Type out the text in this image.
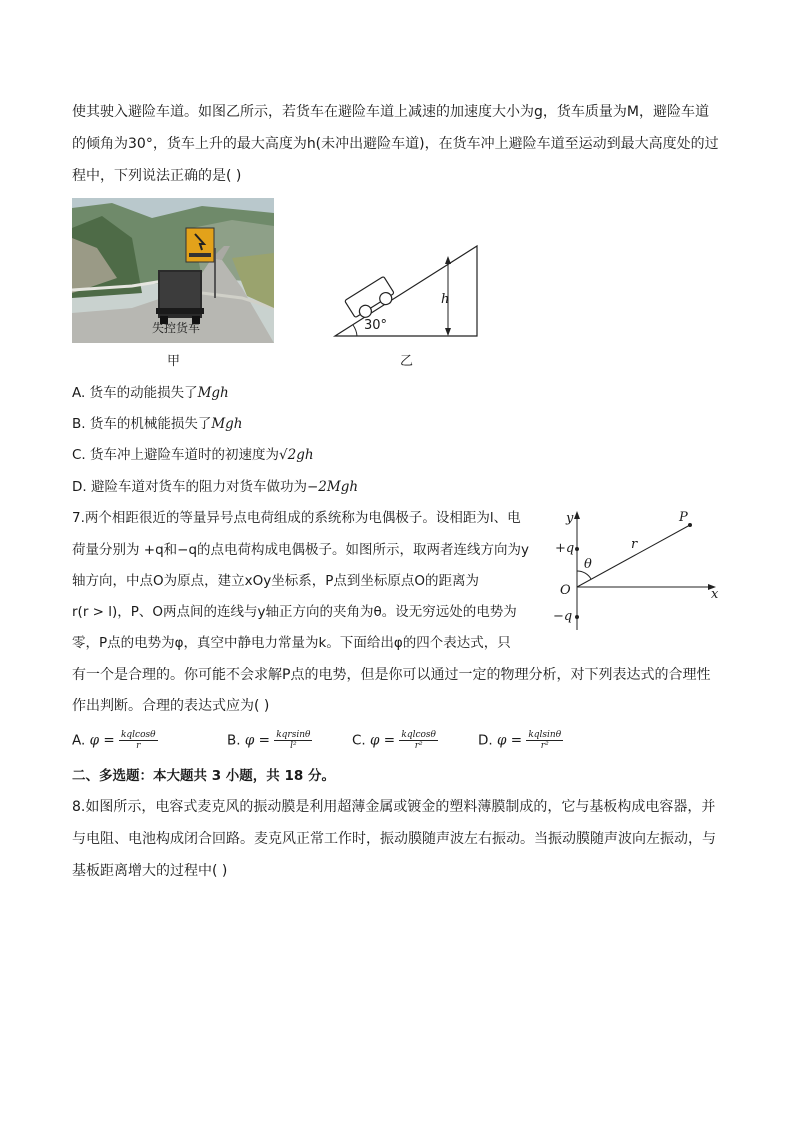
使其驶入避险车道。如图乙所示，若货车在避险车道上减速的加速度大小为g，货车质量为M，避险车道
的倾角为30°，货车上升的最大高度为h(未冲出避险车道)，在货车冲上避险车道至运动到最大高度处的过
程中，下列说法正确的是( )
失控货车
甲
h
30°
乙
A. 货车的动能损失了Mgh
B. 货车的机械能损失了Mgh
C. 货车冲上避险车道时的初速度为√2gh
D. 避险车道对货车的阻力对货车做功为−2Mgh
7.两个相距很近的等量异号点电荷组成的系统称为电偶极子。设相距为l、电
荷量分别为 +q和−q的点电荷构成电偶极子。如图所示，取两者连线方向为y
轴方向，中点O为原点，建立xOy坐标系，P点到坐标原点O的距离为
r(r > l)，P、O两点间的连线与y轴正方向的夹角为θ。设无穷远处的电势为
零，P点的电势为φ，真空中静电力常量为k。下面给出φ的四个表达式，只
有一个是合理的。你可能不会求解P点的电势，但是你可以通过一定的物理分析，对下列表达式的合理性
作出判断。合理的表达式应为( )
y
x
O
+q
−q
P
r
θ
A. $\varphi = \frac{\text{kqlcosθ}}{r}$	B. $\varphi = \frac{\text{kqrsinθ}}{\text{l²}}$	C. $\varphi = \frac{\text{kqlcosθ}}{\text{r²}}$	D. $\varphi = \frac{\text{kqlsinθ}}{\text{r²}}$
二、多选题：本大题共 3 小题，共 18 分。
8.如图所示，电容式麦克风的振动膜是利用超薄金属或镀金的塑料薄膜制成的，它与基板构成电容器，并
与电阻、电池构成闭合回路。麦克风正常工作时，振动膜随声波左右振动。当振动膜随声波向左振动，与
基板距离增大的过程中( )
